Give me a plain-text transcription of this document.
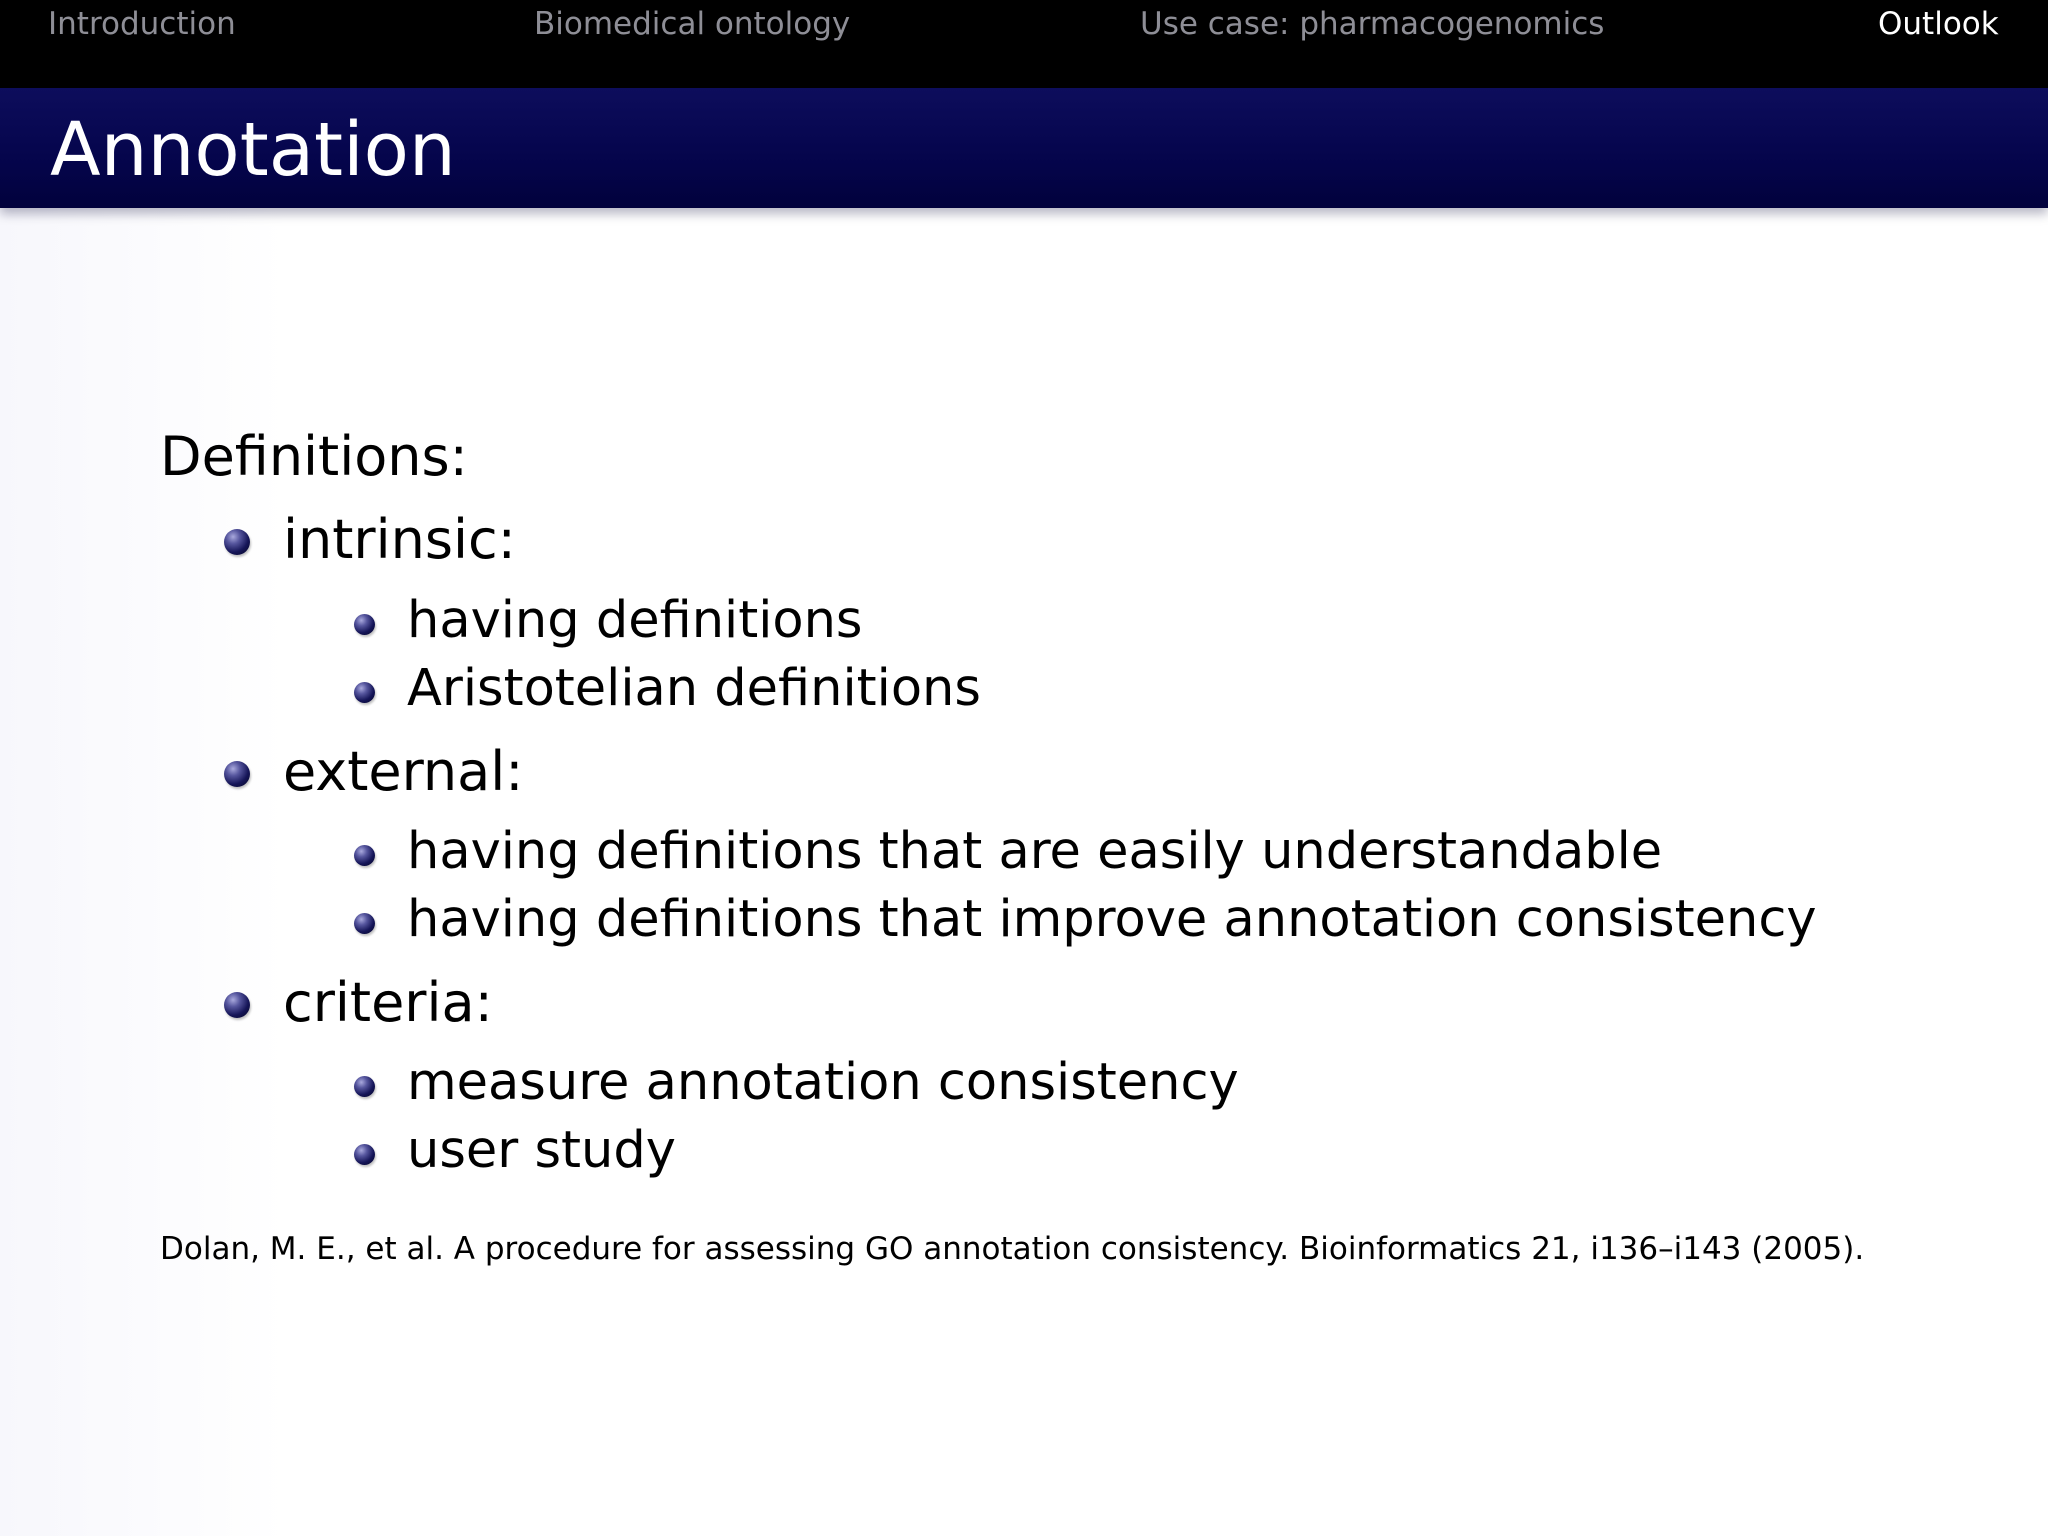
Introduction	Biomedical ontology	Use case: pharmacogenomics	Outlook
Annotation
Definitions:
intrinsic:
having definitions
Aristotelian definitions
external:
having definitions that are easily understandable
having definitions that improve annotation consistency
criteria:
measure annotation consistency
user study
Dolan, M. E., et al. A procedure for assessing GO annotation consistency. Bioinformatics 21, i136–i143 (2005).
